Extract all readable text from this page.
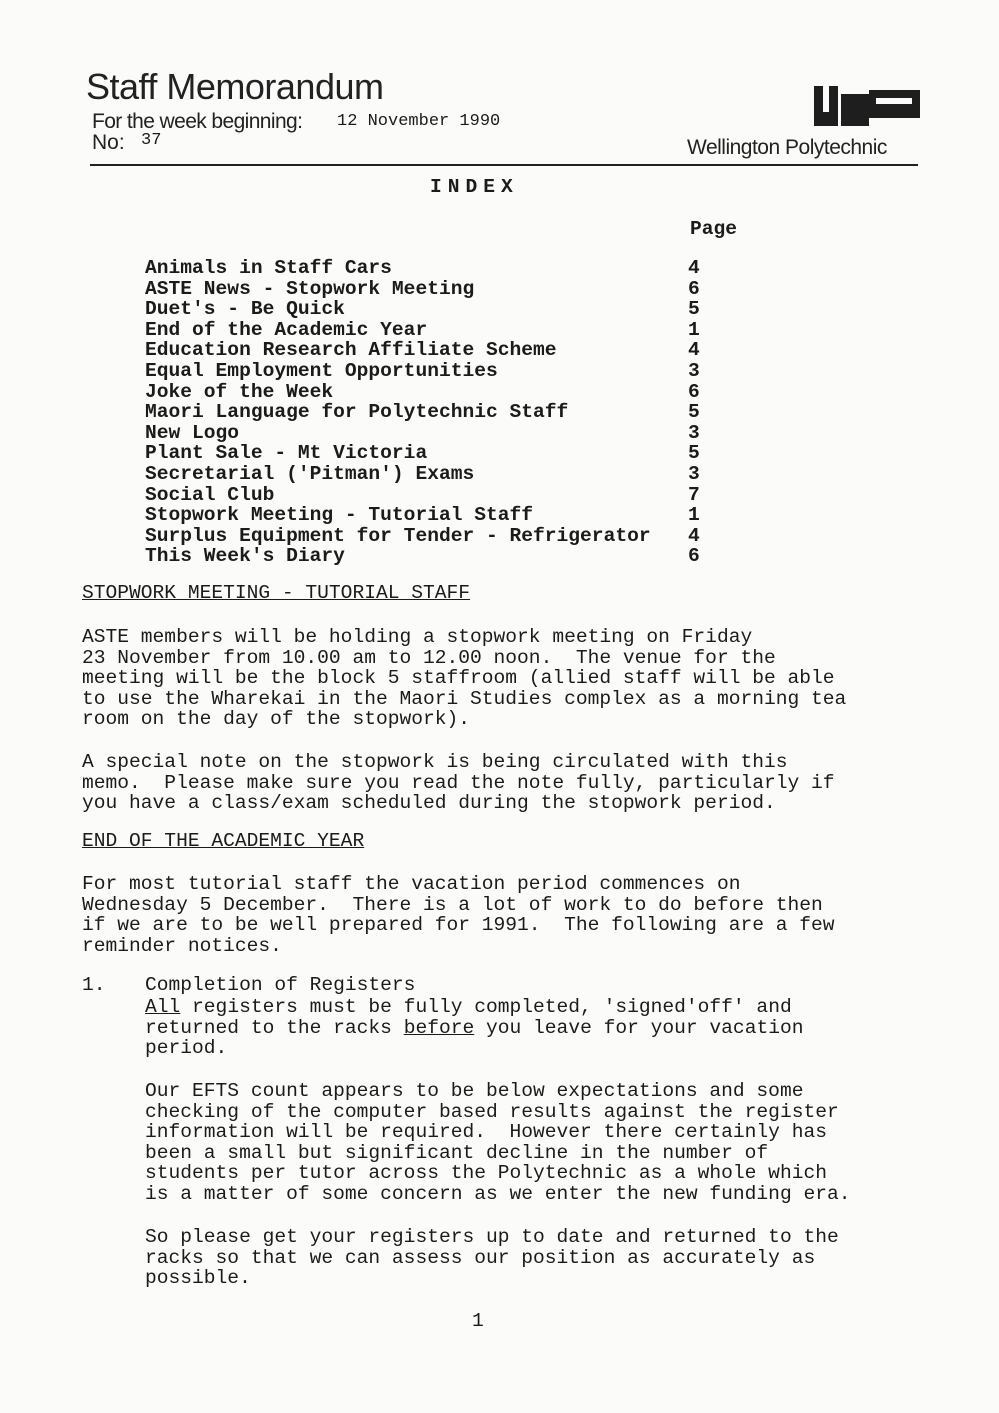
Staff Memorandum
For the week beginning: 12 November 1990
No: 37	Wellington Polytechnic
INDEX
Page
Animals in Staff Cars
ASTE News - Stopwork Meeting
Duet's - Be Quick
End of the Academic Year
Education Research Affiliate Scheme
Equal Employment Opportunities
Joke of the Week
Maori Language for Polytechnic Staff
New Logo
Plant Sale - Mt Victoria
Secretarial ('Pitman') Exams
Social Club
Stopwork Meeting - Tutorial Staff
Surplus Equipment for Tender - Refrigerator
This Week's Diary
4
6
5
1
4
3
6
5
3
5
3
7
1
4
6
STOPWORK MEETING - TUTORIAL STAFF
ASTE members will be holding a stopwork meeting on Friday
23 November from 10.00 am to 12.00 noon.  The venue for the
meeting will be the block 5 staffroom (allied staff will be able
to use the Wharekai in the Maori Studies complex as a morning tea
room on the day of the stopwork).
A special note on the stopwork is being circulated with this
memo.  Please make sure you read the note fully, particularly if
you have a class/exam scheduled during the stopwork period.
END OF THE ACADEMIC YEAR
For most tutorial staff the vacation period commences on
Wednesday 5 December.  There is a lot of work to do before then
if we are to be well prepared for 1991.  The following are a few
reminder notices.
1. Completion of Registers
All registers must be fully completed, 'signed'off' and
returned to the racks before you leave for your vacation
period.
Our EFTS count appears to be below expectations and some
checking of the computer based results against the register
information will be required.  However there certainly has
been a small but significant decline in the number of
students per tutor across the Polytechnic as a whole which
is a matter of some concern as we enter the new funding era.
So please get your registers up to date and returned to the
racks so that we can assess our position as accurately as
possible.
1
